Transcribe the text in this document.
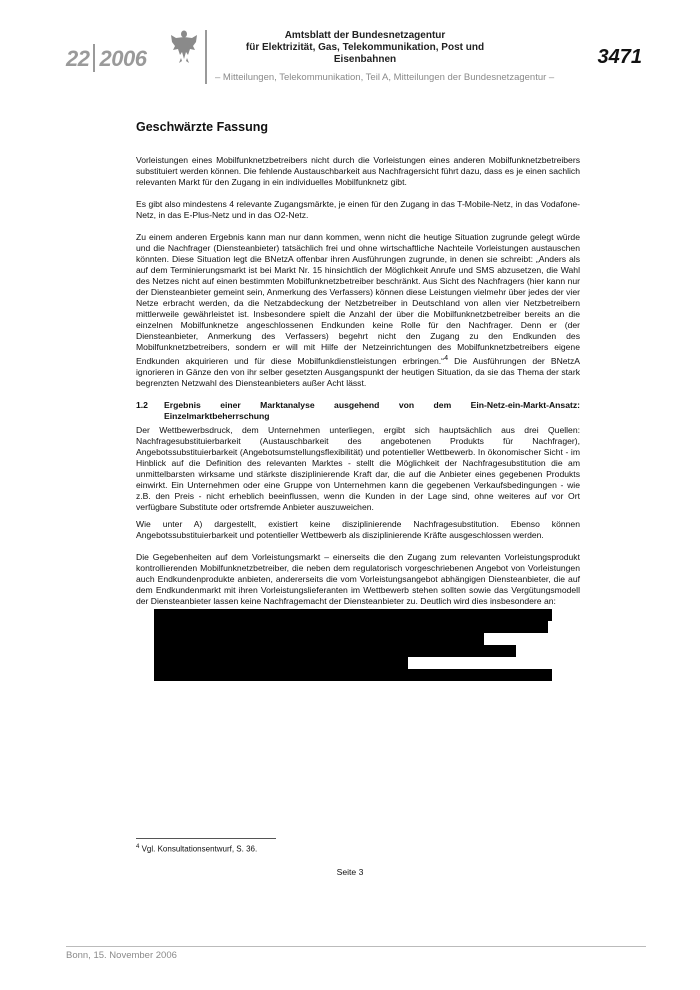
22 2006
Amtsblatt der Bundesnetzagentur
für Elektrizität, Gas, Telekommunikation, Post und Eisenbahnen
– Mitteilungen, Telekommunikation, Teil A, Mitteilungen der Bundesnetzagentur –
3471
Geschwärzte Fassung

Vorleistungen eines Mobilfunknetzbetreibers nicht durch die Vorleistungen eines anderen Mobilfunknetzbetreibers substituiert werden können. Die fehlende Austauschbarkeit aus Nachfragersicht führt dazu, dass es je einen sachlich relevanten Markt für den Zugang in ein individuelles Mobilfunknetz gibt.

Es gibt also mindestens 4 relevante Zugangsmärkte, je einen für den Zugang in das T-Mobile-Netz, in das Vodafone-Netz, in das E-Plus-Netz und in das O2-Netz.

Zu einem anderen Ergebnis kann man nur dann kommen, wenn nicht die heutige Situation zugrunde gelegt würde und die Nachfrager (Diensteanbieter) tatsächlich frei und ohne wirtschaftliche Nachteile Vorleistungen austauschen könnten. Diese Situation legt die BNetzA offenbar ihren Ausführungen zugrunde, in denen sie schreibt: „Anders als auf dem Terminierungsmarkt ist bei Markt Nr. 15 hinsichtlich der Möglichkeit Anrufe und SMS abzusetzen, die Wahl des Netzes nicht auf einen bestimmten Mobilfunknetzbetreiber beschränkt. Aus Sicht des Nachfragers (hier kann nur der Diensteanbieter gemeint sein, Anmerkung des Verfassers) können diese Leistungen vielmehr über jedes der vier Netze erbracht werden, da die Netzabdeckung der Netzbetreiber in Deutschland von allen vier Netzbetreibern mittlerweile gewährleistet ist. Insbesondere spielt die Anzahl der über die Mobilfunknetzbetreiber bereits an die einzelnen Mobilfunknetze angeschlossenen Endkunden keine Rolle für den Nachfrager. Denn er (der Diensteanbieter, Anmerkung des Verfassers) begehrt nicht den Zugang zu den Endkunden des Mobilfunknetzbetreibers, sondern er will mit Hilfe der Netzeinrichtungen des Mobilfunknetzbetreibers eigene Endkunden akquirieren und für diese Mobilfunkdienstleistungen erbringen.“$^4$ Die Ausführungen der BNetzA ignorieren in Gänze den von ihr selber gesetzten Ausgangspunkt der heutigen Situation, da sie das Thema der stark begrenzten Netzwahl des Diensteanbieters außer Acht lässt.

1.2	Ergebnis einer Marktanalyse ausgehend von dem Ein-Netz-ein-Markt-Ansatz: Einzelmarktbeherrschung

Der Wettbewerbsdruck, dem Unternehmen unterliegen, ergibt sich hauptsächlich aus drei Quellen: Nachfragesubstituierbarkeit (Austauschbarkeit des angebotenen Produkts für Nachfrager), Angebotssubstituierbarkeit (Angebotsumstellungsflexibilität) und potentieller Wettbewerb. In ökonomischer Sicht - im Hinblick auf die Definition des relevanten Marktes - stellt die Möglichkeit der Nachfragesubstitution die am unmittelbarsten wirksame und stärkste disziplinierende Kraft dar, die auf die Anbieter eines gegebenen Produkts einwirkt. Ein Unternehmen oder eine Gruppe von Unternehmen kann die gegebenen Verkaufsbedingungen - wie z.B. den Preis - nicht erheblich beeinflussen, wenn die Kunden in der Lage sind, ohne weiteres auf vor Ort verfügbare Substitute oder ortsfremde Anbieter auszuweichen.

Wie unter A) dargestellt, existiert keine disziplinierende Nachfragesubstitution. Ebenso können Angebotssubstituierbarkeit und potentieller Wettbewerb als disziplinierende Kräfte ausgeschlossen werden.

Die Gegebenheiten auf dem Vorleistungsmarkt – einerseits die den Zugang zum relevanten Vorleistungsprodukt kontrollierenden Mobilfunknetzbetreiber, die neben dem regulatorisch vorgeschriebenen Angebot von Vorleistungen auch Endkundenprodukte anbieten, andererseits die vom Vorleistungsangebot abhängigen Diensteanbieter, die auf dem Endkundenmarkt mit ihren Vorleistungslieferanten im Wettbewerb stehen sollten sowie das Vergütungsmodell der Diensteanbieter lassen keine Nachfragemacht der Diensteanbieter zu. Deutlich wird dies insbesondere an:

$^4$ Vgl. Konsultationsentwurf, S. 36.
Seite 3
Bonn, 15. November 2006
